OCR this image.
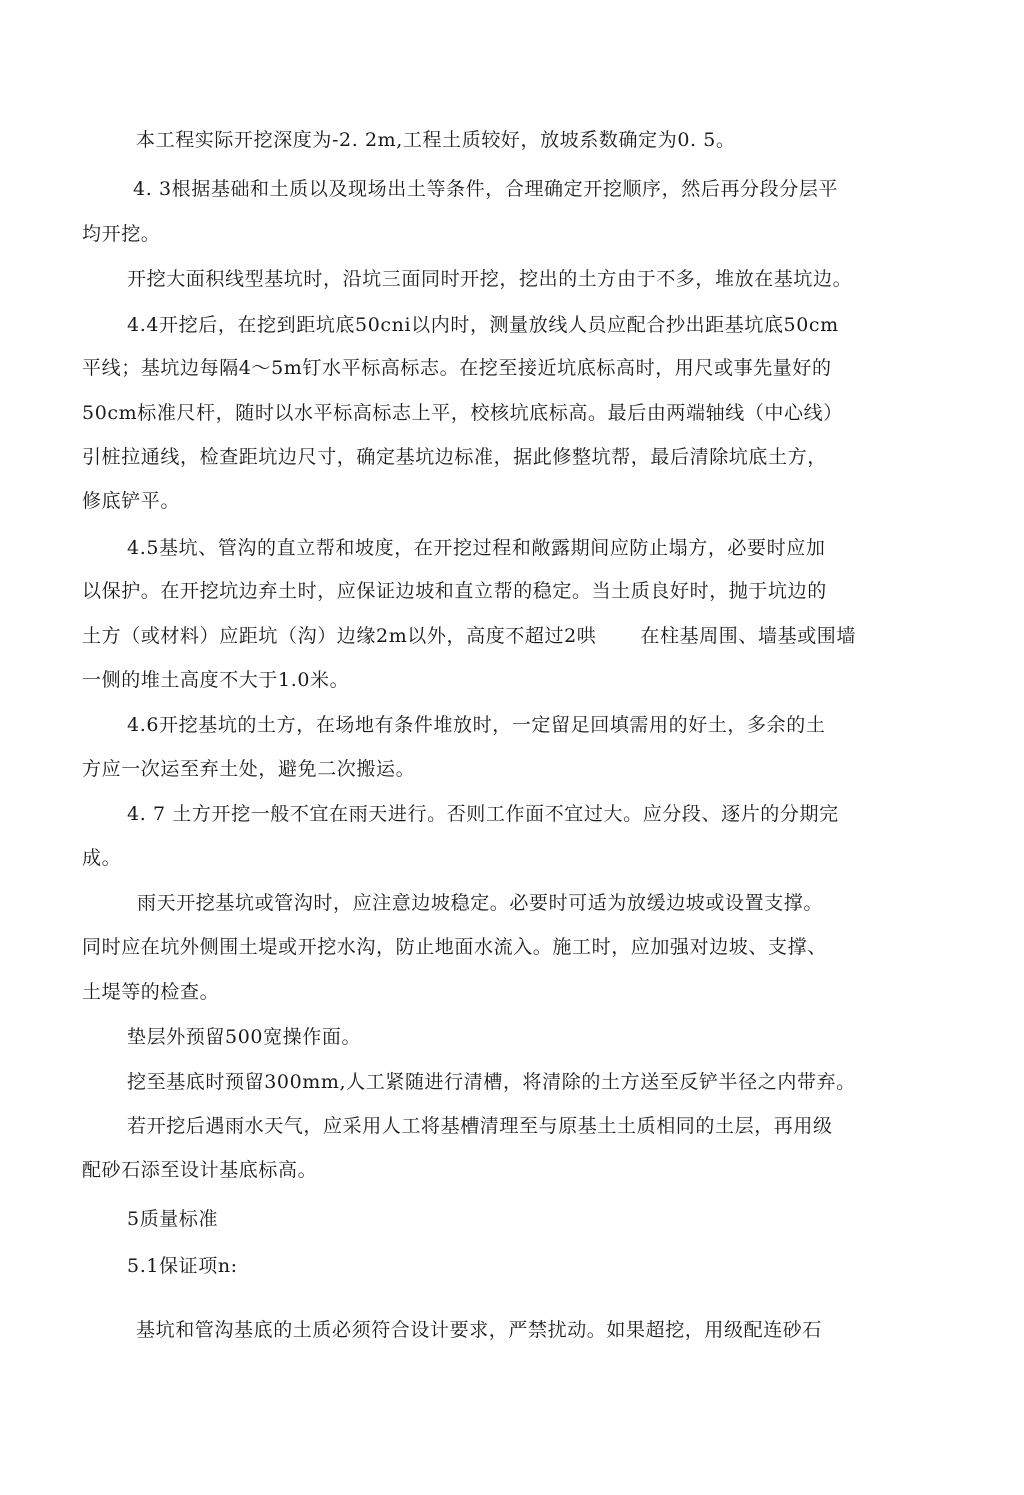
本工程实际开挖深度为-2. 2m,工程土质较好，放坡系数确定为0. 5。
4. 3根据基础和土质以及现场出土等条件，合理确定开挖顺序，然后再分段分层平
均开挖。
开挖大面积线型基坑时，沿坑三面同时开挖，挖出的土方由于不多，堆放在基坑边。
4.4开挖后，在挖到距坑底50cni以内时，测量放线人员应配合抄出距基坑底50cm
平线；基坑边每隔4～5m钉水平标高标志。在挖至接近坑底标高时，用尺或事先量好的
50cm标准尺杆，随时以水平标高标志上平，校核坑底标高。最后由两端轴线（中心线）
引桩拉通线，检查距坑边尺寸，确定基坑边标准，据此修整坑帮，最后清除坑底土方，
修底铲平。
4.5基坑、管沟的直立帮和坡度，在开挖过程和敞露期间应防止塌方，必要时应加
以保护。在开挖坑边弃土时，应保证边坡和直立帮的稳定。当土质良好时，抛于坑边的
土方（或材料）应距坑（沟）边缘2m以外，高度不超过2哄 在柱基周围、墙基或围墙
一侧的堆土高度不大于1.0米。
4.6开挖基坑的土方，在场地有条件堆放时，一定留足回填需用的好土，多余的土
方应一次运至弃土处，避免二次搬运。
4. 7 土方开挖一般不宜在雨天进行。否则工作面不宜过大。应分段、逐片的分期完
成。
雨天开挖基坑或管沟时，应注意边坡稳定。必要时可适为放缓边坡或设置支撑。
同时应在坑外侧围土堤或开挖水沟，防止地面水流入。施工时，应加强对边坡、支撑、
土堤等的检查。
垫层外预留500宽操作面。
挖至基底时预留300mm,人工紧随进行清槽，将清除的土方送至反铲半径之内带弃。
若开挖后遇雨水天气，应采用人工将基槽清理至与原基土土质相同的土层，再用级
配砂石添至设计基底标高。
5质量标准
5.1保证项n:
基坑和管沟基底的土质必须符合设计要求，严禁扰动。如果超挖，用级配连砂石
